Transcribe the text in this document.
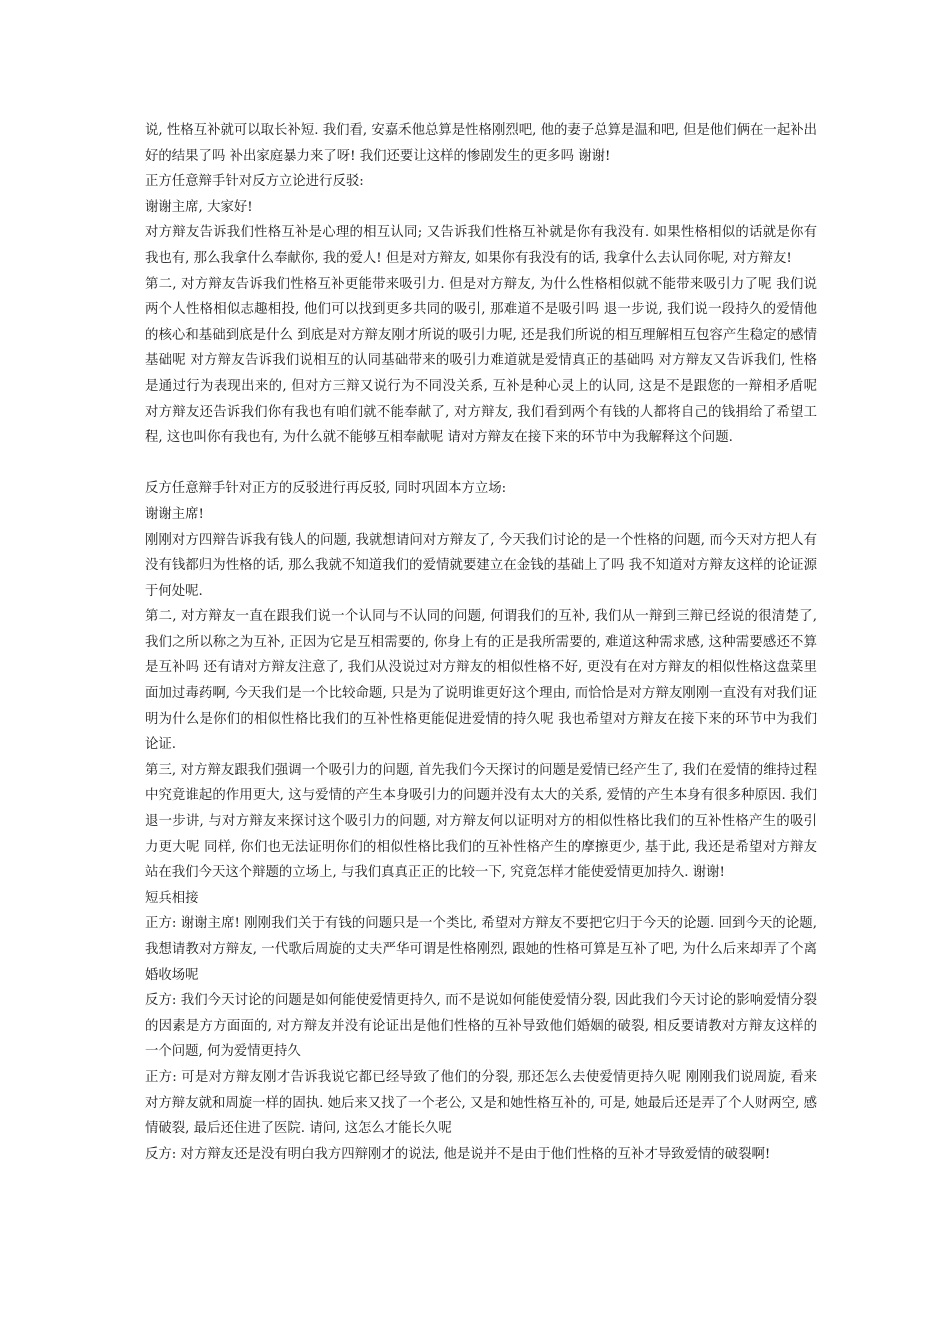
说, 性格互补就可以取长补短. 我们看, 安嘉禾他总算是性格刚烈吧, 他的妻子总算是温和吧, 但是他们俩在一起补出好的结果了吗 补出家庭暴力来了呀! 我们还要让这样的惨剧发生的更多吗 谢谢!

正方任意辩手针对反方立论进行反驳:

谢谢主席, 大家好!

对方辩友告诉我们性格互补是心理的相互认同; 又告诉我们性格互补就是你有我没有. 如果性格相似的话就是你有我也有, 那么我拿什么奉献你, 我的爱人! 但是对方辩友, 如果你有我没有的话, 我拿什么去认同你呢, 对方辩友!

第二, 对方辩友告诉我们性格互补更能带来吸引力. 但是对方辩友, 为什么性格相似就不能带来吸引力了呢 我们说两个人性格相似志趣相投, 他们可以找到更多共同的吸引, 那难道不是吸引吗 退一步说, 我们说一段持久的爱情他的核心和基础到底是什么 到底是对方辩友刚才所说的吸引力呢, 还是我们所说的相互理解相互包容产生稳定的感情基础呢 对方辩友告诉我们说相互的认同基础带来的吸引力难道就是爱情真正的基础吗 对方辩友又告诉我们, 性格是通过行为表现出来的, 但对方三辩又说行为不同没关系, 互补是种心灵上的认同, 这是不是跟您的一辩相矛盾呢 对方辩友还告诉我们你有我也有咱们就不能奉献了, 对方辩友, 我们看到两个有钱的人都将自己的钱捐给了希望工程, 这也叫你有我也有, 为什么就不能够互相奉献呢 请对方辩友在接下来的环节中为我解释这个问题.

反方任意辩手针对正方的反驳进行再反驳, 同时巩固本方立场:

谢谢主席!

刚刚对方四辩告诉我有钱人的问题, 我就想请问对方辩友了, 今天我们讨论的是一个性格的问题, 而今天对方把人有没有钱都归为性格的话, 那么我就不知道我们的爱情就要建立在金钱的基础上了吗 我不知道对方辩友这样的论证源于何处呢.

第二, 对方辩友一直在跟我们说一个认同与不认同的问题, 何谓我们的互补, 我们从一辩到三辩已经说的很清楚了, 我们之所以称之为互补, 正因为它是互相需要的, 你身上有的正是我所需要的, 难道这种需求感, 这种需要感还不算是互补吗 还有请对方辩友注意了, 我们从没说过对方辩友的相似性格不好, 更没有在对方辩友的相似性格这盘菜里面加过毒药啊, 今天我们是一个比较命题, 只是为了说明谁更好这个理由, 而恰恰是对方辩友刚刚一直没有对我们证明为什么是你们的相似性格比我们的互补性格更能促进爱情的持久呢 我也希望对方辩友在接下来的环节中为我们论证.

第三, 对方辩友跟我们强调一个吸引力的问题, 首先我们今天探讨的问题是爱情已经产生了, 我们在爱情的维持过程中究竟谁起的作用更大, 这与爱情的产生本身吸引力的问题并没有太大的关系, 爱情的产生本身有很多种原因. 我们退一步讲, 与对方辩友来探讨这个吸引力的问题, 对方辩友何以证明对方的相似性格比我们的互补性格产生的吸引力更大呢 同样, 你们也无法证明你们的相似性格比我们的互补性格产生的摩擦更少, 基于此, 我还是希望对方辩友站在我们今天这个辩题的立场上, 与我们真真正正的比较一下, 究竟怎样才能使爱情更加持久. 谢谢!

短兵相接

正方: 谢谢主席! 刚刚我们关于有钱的问题只是一个类比, 希望对方辩友不要把它归于今天的论题. 回到今天的论题, 我想请教对方辩友, 一代歌后周旋的丈夫严华可谓是性格刚烈, 跟她的性格可算是互补了吧, 为什么后来却弄了个离婚收场呢

反方: 我们今天讨论的问题是如何能使爱情更持久, 而不是说如何能使爱情分裂, 因此我们今天讨论的影响爱情分裂的因素是方方面面的, 对方辩友并没有论证出是他们性格的互补导致他们婚姻的破裂, 相反要请教对方辩友这样的一个问题, 何为爱情更持久

正方: 可是对方辩友刚才告诉我说它都已经导致了他们的分裂, 那还怎么去使爱情更持久呢 刚刚我们说周旋, 看来对方辩友就和周旋一样的固执. 她后来又找了一个老公, 又是和她性格互补的, 可是, 她最后还是弄了个人财两空, 感情破裂, 最后还住进了医院. 请问, 这怎么才能长久呢

反方: 对方辩友还是没有明白我方四辩刚才的说法, 他是说并不是由于他们性格的互补才导致爱情的破裂啊!
